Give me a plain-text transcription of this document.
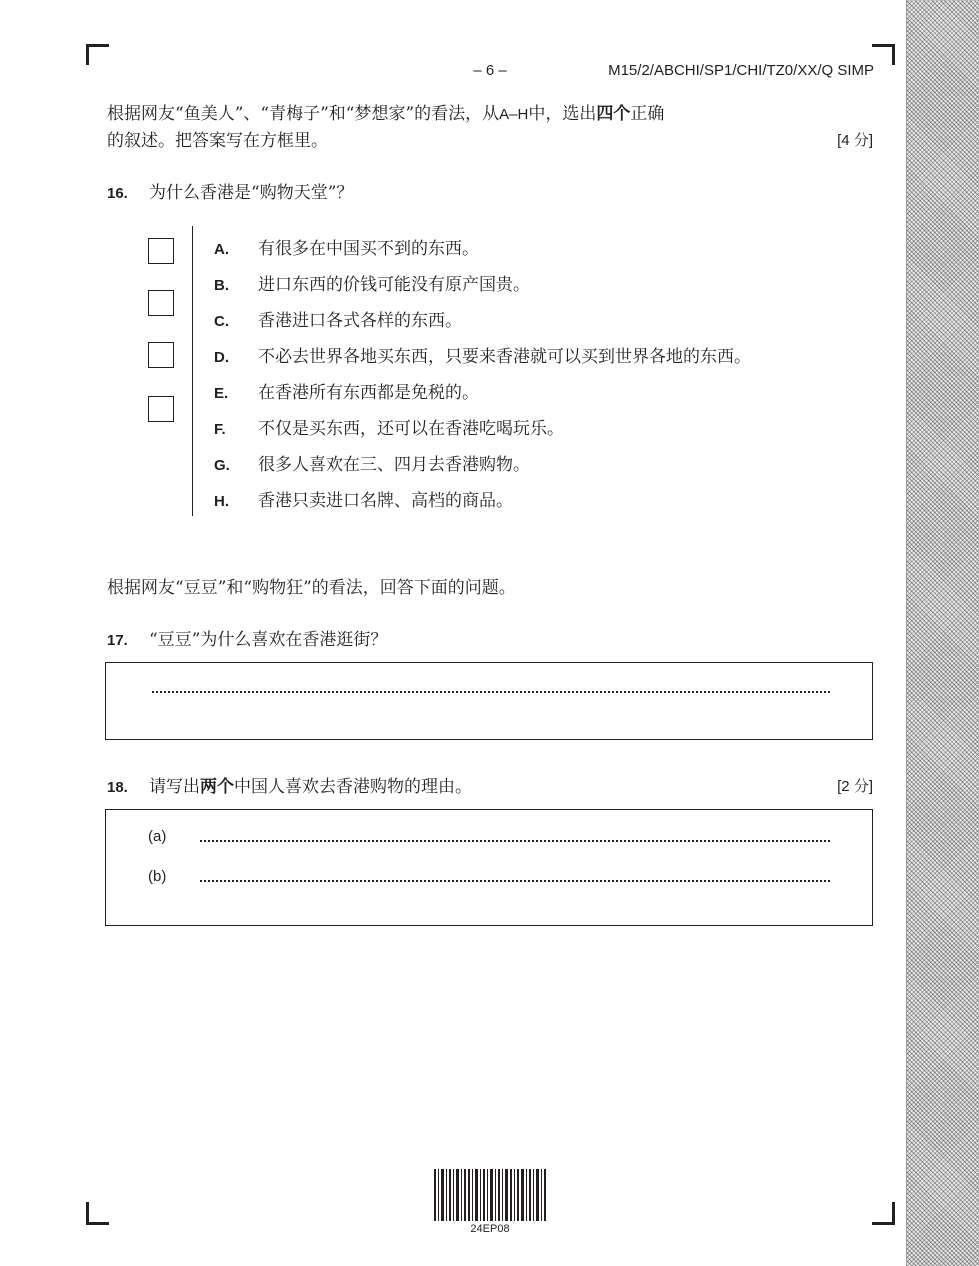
– 6 –	M15/2/ABCHI/SP1/CHI/TZ0/XX/Q SIMP
根据网友“鱼美人”、“青梅子”和“梦想家”的看法，从A–H中，选出四个正确
的叙述。把答案写在方框里。	[4 分]
16. 为什么香港是“购物天堂”？
A. 有很多在中国买不到的东西。
B. 进口东西的价钱可能没有原产国贵。
C. 香港进口各式各样的东西。
D. 不必去世界各地买东西，只要来香港就可以买到世界各地的东西。
E. 在香港所有东西都是免税的。
F. 不仅是买东西，还可以在香港吃喝玩乐。
G. 很多人喜欢在三、四月去香港购物。
H. 香港只卖进口名牌、高档的商品。
根据网友“豆豆”和“购物狂”的看法，回答下面的问题。
17. “豆豆”为什么喜欢在香港逛街？
18. 请写出两个中国人喜欢去香港购物的理由。	[2 分]
(a)
(b)
24EP08
